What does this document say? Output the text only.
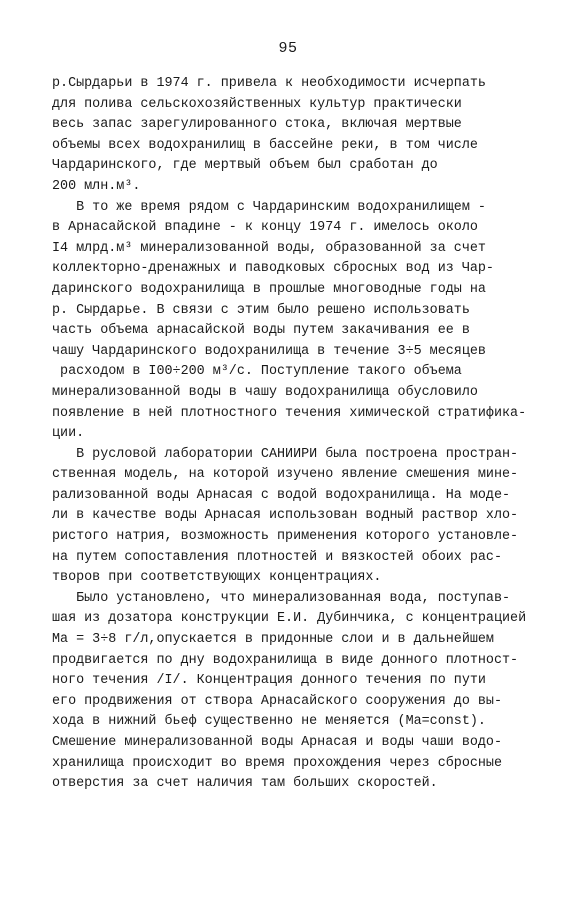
95
р.Сырдарьи в 1974 г. привела к необходимости исчерпать
для полива сельскохозяйственных культур практически
весь запас зарегулированного стока, включая мертвые
объемы всех водохранилищ в бассейне реки, в том числе
Чардаринского, где мертвый объем был сработан до
200 млн.м³.
В то же время рядом с Чардаринским водохранилищем -
в Арнасайской впадине - к концу 1974 г. имелось около
I4 млрд.м³ минерализованной воды, образованной за счет
коллекторно-дренажных и паводковых сбросных вод из Чар-
даринского водохранилища в прошлые многоводные годы на
р. Сырдарье. В связи с этим было решено использовать
часть объема арнасайской воды путем закачивания ее в
чашу Чардаринского водохранилища в течение 3÷5 месяцев
расходом в I00÷200 м³/с. Поступление такого объема
минерализованной воды в чашу водохранилища обусловило
появление в ней плотностного течения химической стратифика-
ции.
В русловой лаборатории САНИИРИ была построена простран-
ственная модель, на которой изучено явление смешения мине-
рализованной воды Арнасая с водой водохранилища. На моде-
ли в качестве воды Арнасая использован водный раствор хло-
ристого натрия, возможность применения которого установле-
на путем сопоставления плотностей и вязкостей обоих рас-
творов при соответствующих концентрациях.
Было установлено, что минерализованная вода, поступав-
шая из дозатора конструкции Е.И. Дубинчика, с концентрацией
Ма = 3÷8 г/л,опускается в придонные слои и в дальнейшем
продвигается по дну водохранилища в виде донного плотност-
ного течения /I/. Концентрация донного течения по пути
его продвижения от створа Арнасайского сооружения до вы-
хода в нижний бьеф существенно не меняется (Ма=const).
Смешение минерализованной воды Арнасая и воды чаши водо-
хранилища происходит во время прохождения через сбросные
отверстия за счет наличия там больших скоростей.
